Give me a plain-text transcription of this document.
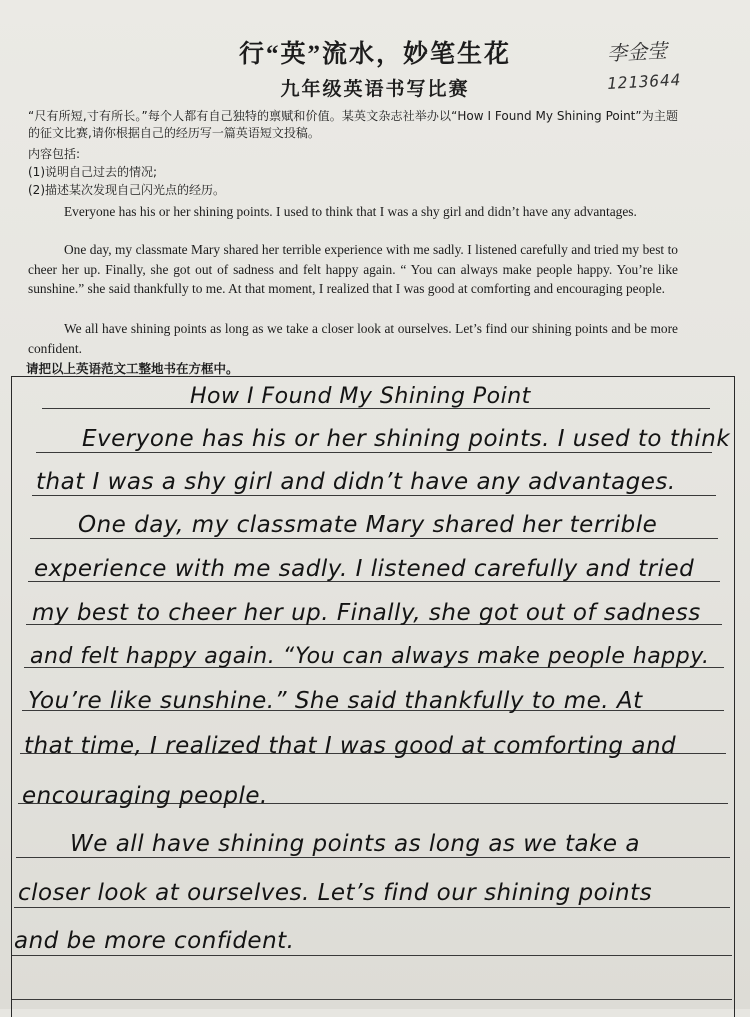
行“英”流水，妙笔生花
九年级英语书写比赛
李金莹
1213644
“尺有所短,寸有所长。”每个人都有自己独特的禀赋和价值。某英文杂志社举办以“How I Found My Shining Point”为主题的征文比赛,请你根据自己的经历写一篇英语短文投稿。
内容包括:
(1)说明自己过去的情况;
(2)描述某次发现自己闪光点的经历。
Everyone has his or her shining points. I used to think that I was a shy girl and didn’t have any advantages.
One day, my classmate Mary shared her terrible experience with me sadly. I listened carefully and tried my best to cheer her up. Finally, she got out of sadness and felt happy again. “ You can always make people happy. You’re like sunshine.” she said thankfully to me. At that moment, I realized that I was good at comforting and encouraging people.
We all have shining points as long as we take a closer look at ourselves. Let’s find our shining points and be more confident.
请把以上英语范文工整地书在方框中。
How I Found My Shining Point
Everyone has his or her shining points. I used to think
that I was a shy girl and didn’t have any advantages.
One day, my classmate Mary shared her terrible
experience with me sadly. I listened carefully and tried
my best to cheer her up. Finally, she got out of sadness
and felt happy again. “You can always make people happy.
You’re like sunshine.” She said thankfully to me. At
that time, I realized that I was good at comforting and
encouraging people.
We all have shining points as long as we take a
closer look at ourselves. Let’s find our shining points
and be more confident.
